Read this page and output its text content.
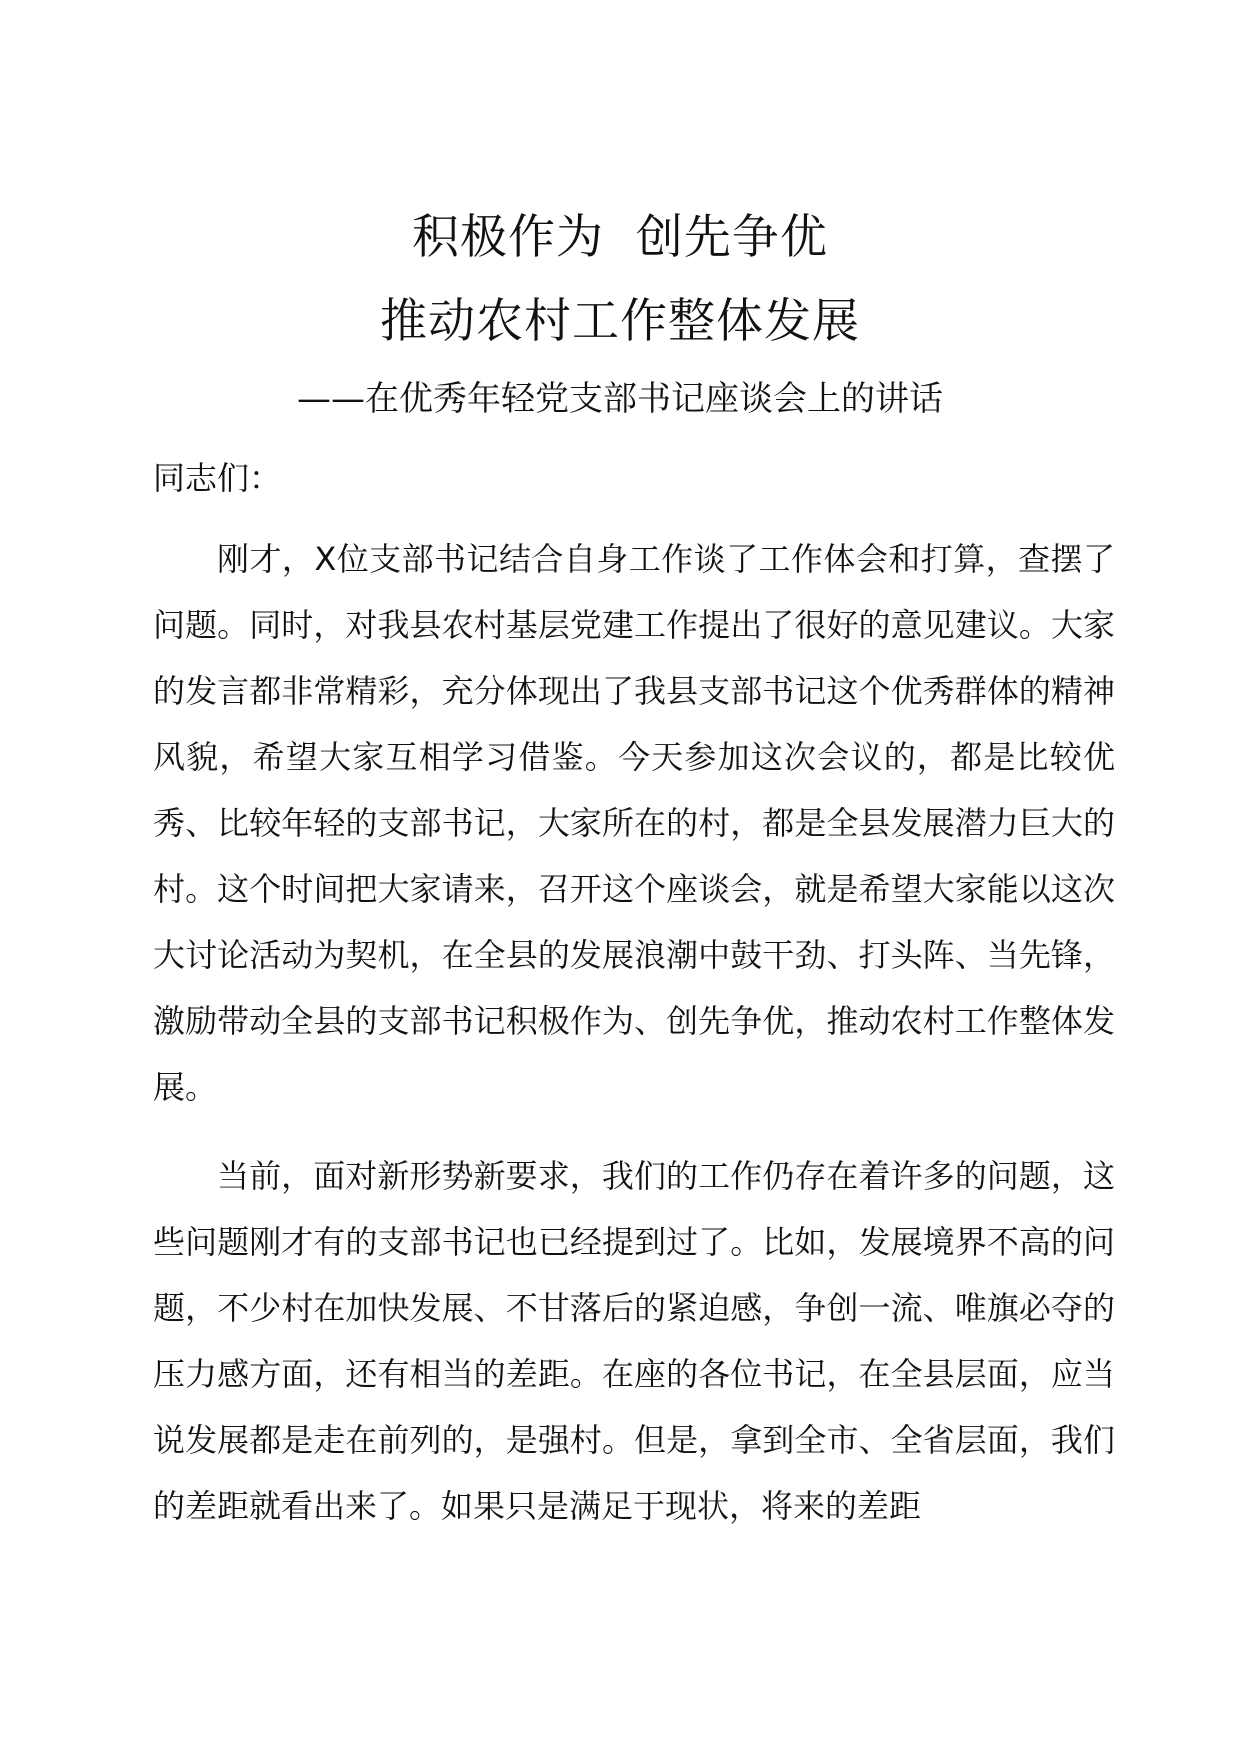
积极作为  创先争优
推动农村工作整体发展
——在优秀年轻党支部书记座谈会上的讲话
同志们：
刚才，X位支部书记结合自身工作谈了工作体会和打算，查摆了问题。同时，对我县农村基层党建工作提出了很好的意见建议。大家的发言都非常精彩，充分体现出了我县支部书记这个优秀群体的精神风貌，希望大家互相学习借鉴。今天参加这次会议的，都是比较优秀、比较年轻的支部书记，大家所在的村，都是全县发展潜力巨大的村。这个时间把大家请来，召开这个座谈会，就是希望大家能以这次大讨论活动为契机，在全县的发展浪潮中鼓干劲、打头阵、当先锋，激励带动全县的支部书记积极作为、创先争优，推动农村工作整体发展。
当前，面对新形势新要求，我们的工作仍存在着许多的问题，这些问题刚才有的支部书记也已经提到过了。比如，发展境界不高的问题，不少村在加快发展、不甘落后的紧迫感，争创一流、唯旗必夺的压力感方面，还有相当的差距。在座的各位书记，在全县层面，应当说发展都是走在前列的，是强村。但是，拿到全市、全省层面，我们的差距就看出来了。如果只是满足于现状，将来的差距
